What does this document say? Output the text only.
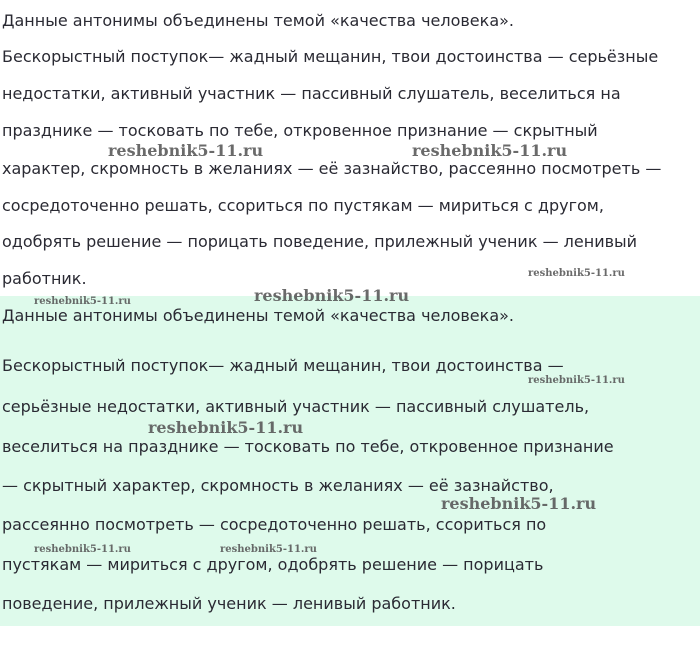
Данные антонимы объединены темой «качества человека».
Бескорыстный поступок— жадный мещанин, твои достоинства — серьёзные
недостатки, активный участник — пассивный слушатель, веселиться на
празднике — тосковать по тебе, откровенное признание — скрытный
характер, скромность в желаниях — её зазнайство, рассеянно посмотреть —
сосредоточенно решать, ссориться по пустякам — мириться с другом,
одобрять решение — порицать поведение, прилежный ученик — ленивый
работник.
Данные антонимы объединены темой «качества человека».
Бескорыстный поступок— жадный мещанин, твои достоинства —
серьёзные недостатки, активный участник — пассивный слушатель,
веселиться на празднике — тосковать по тебе, откровенное признание
— скрытный характер, скромность в желаниях — её зазнайство,
рассеянно посмотреть — сосредоточенно решать, ссориться по
пустякам — мириться с другом, одобрять решение — порицать
поведение, прилежный ученик — ленивый работник.
reshebnik5-11.ru	reshebnik5-11.ru
reshebnik5-11.ru
reshebnik5-11.ru	reshebnik5-11.ru
reshebnik5-11.ru
reshebnik5-11.ru
reshebnik5-11.ru
reshebnik5-11.ru	reshebnik5-11.ru
